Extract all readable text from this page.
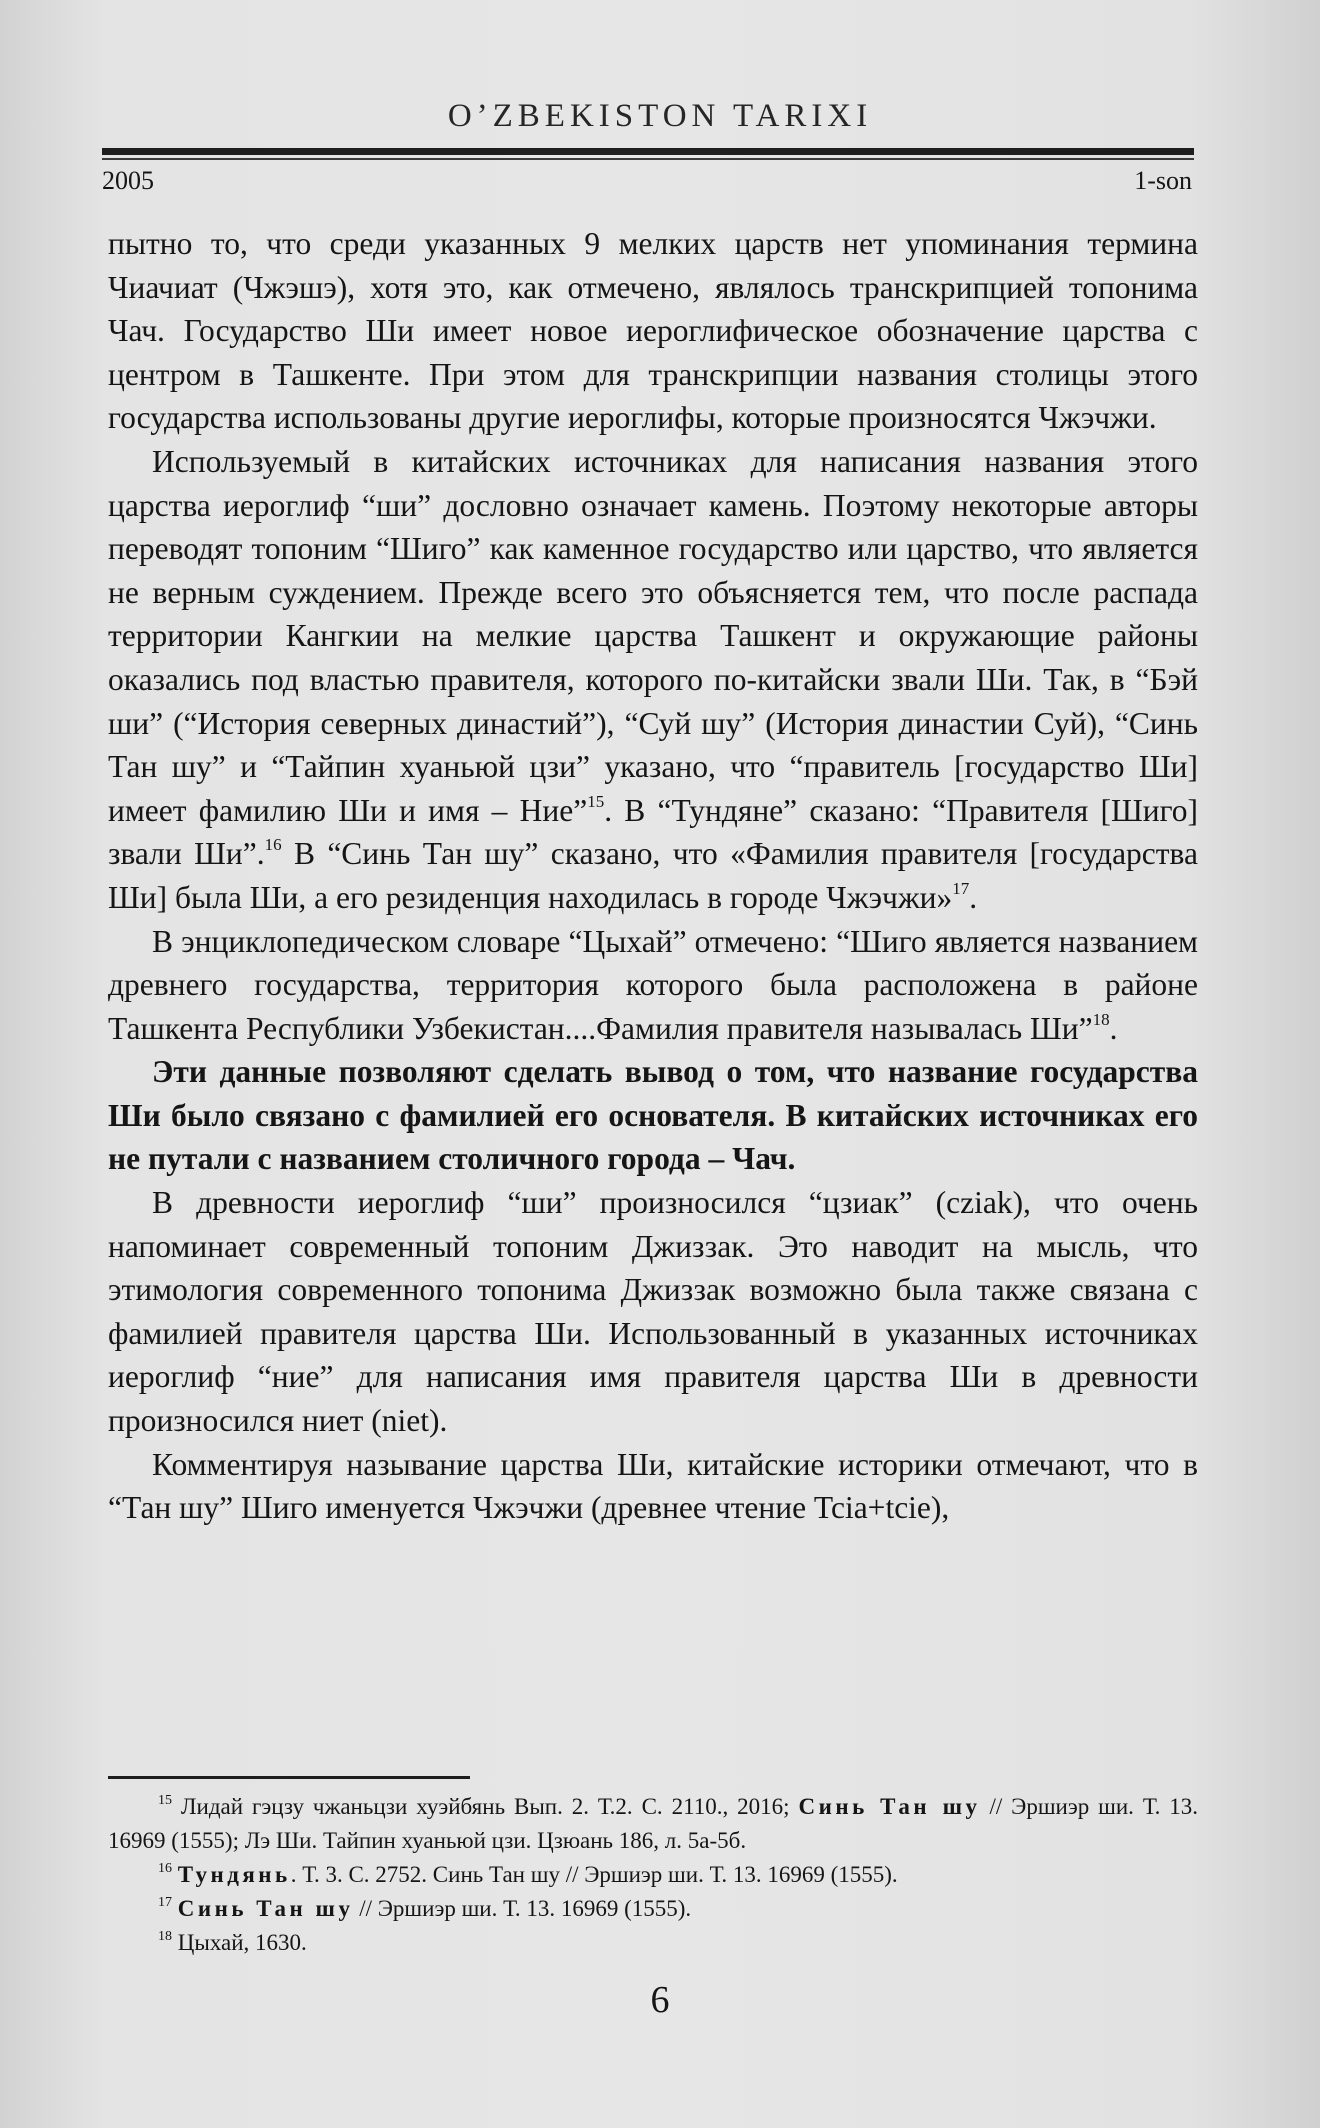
O’ZBEKISTON TARIXI
2005	1-son

пытно то, что среди указанных 9 мелких царств нет упоминания термина Чиачиат (Чжэшэ), хотя это, как отмечено, являлось транскрипцией топонима Чач. Государство Ши имеет новое иероглифическое обозначение царства с центром в Ташкенте. При этом для транскрипции названия столицы этого государства использованы другие иероглифы, которые произносятся Чжэчжи.

Используемый в китайских источниках для написания названия этого царства иероглиф “ши” дословно означает камень. Поэтому некоторые авторы переводят топоним “Шиго” как каменное государство или царство, что является не верным суждением. Прежде всего это объясняется тем, что после распада территории Кангкии на мелкие царства Ташкент и окружающие районы оказались под властью правителя, которого по-китайски звали Ши. Так, в “Бэй ши” (“История северных династий”), “Суй шу” (История династии Суй), “Синь Тан шу” и “Тайпин хуаньюй цзи” указано, что “правитель [государство Ши] имеет фамилию Ши и имя – Ние”$^{15}$. В “Тундяне” сказано: “Правителя [Шиго] звали Ши”.$^{16}$ В “Синь Тан шу” сказано, что «Фамилия правителя [государства Ши] была Ши, а его резиденция находилась в городе Чжэчжи»$^{17}$.

В энциклопедическом словаре “Цыхай” отмечено: “Шиго является названием древнего государства, территория которого была расположена в районе Ташкента Республики Узбекистан....Фамилия правителя называлась Ши”$^{18}$.

Эти данные позволяют сделать вывод о том, что название государства Ши было связано с фамилией его основателя. В китайских источниках его не путали с названием столичного города – Чач.

В древности иероглиф “ши” произносился “цзиак” (cziak), что очень напоминает современный топоним Джиззак. Это наводит на мысль, что этимология современного топонима Джиззак возможно была также связана с фамилией правителя царства Ши. Использованный в указанных источниках иероглиф “ние” для написания имя правителя царства Ши в древности произносился ниет (niet).

Комментируя называние царства Ши, китайские историки отмечают, что в “Тан шу” Шиго именуется Чжэчжи (древнее чтение Tcia+tcie),

$^{15}$ Лидай гэцзу чжаньцзи хуэйбянь Вып. 2. Т.2. С. 2110., 2016; Синь Тан шу // Эршиэр ши. Т. 13. 16969 (1555); Лэ Ши. Тайпин хуаньюй цзи. Цзюань 186, л. 5а-5б.

$^{16}$ Тундянь. Т. 3. С. 2752. Синь Тан шу // Эршиэр ши. Т. 13. 16969 (1555).

$^{17}$ Синь Тан шу // Эршиэр ши. Т. 13. 16969 (1555).

$^{18}$ Цыхай, 1630.

6
